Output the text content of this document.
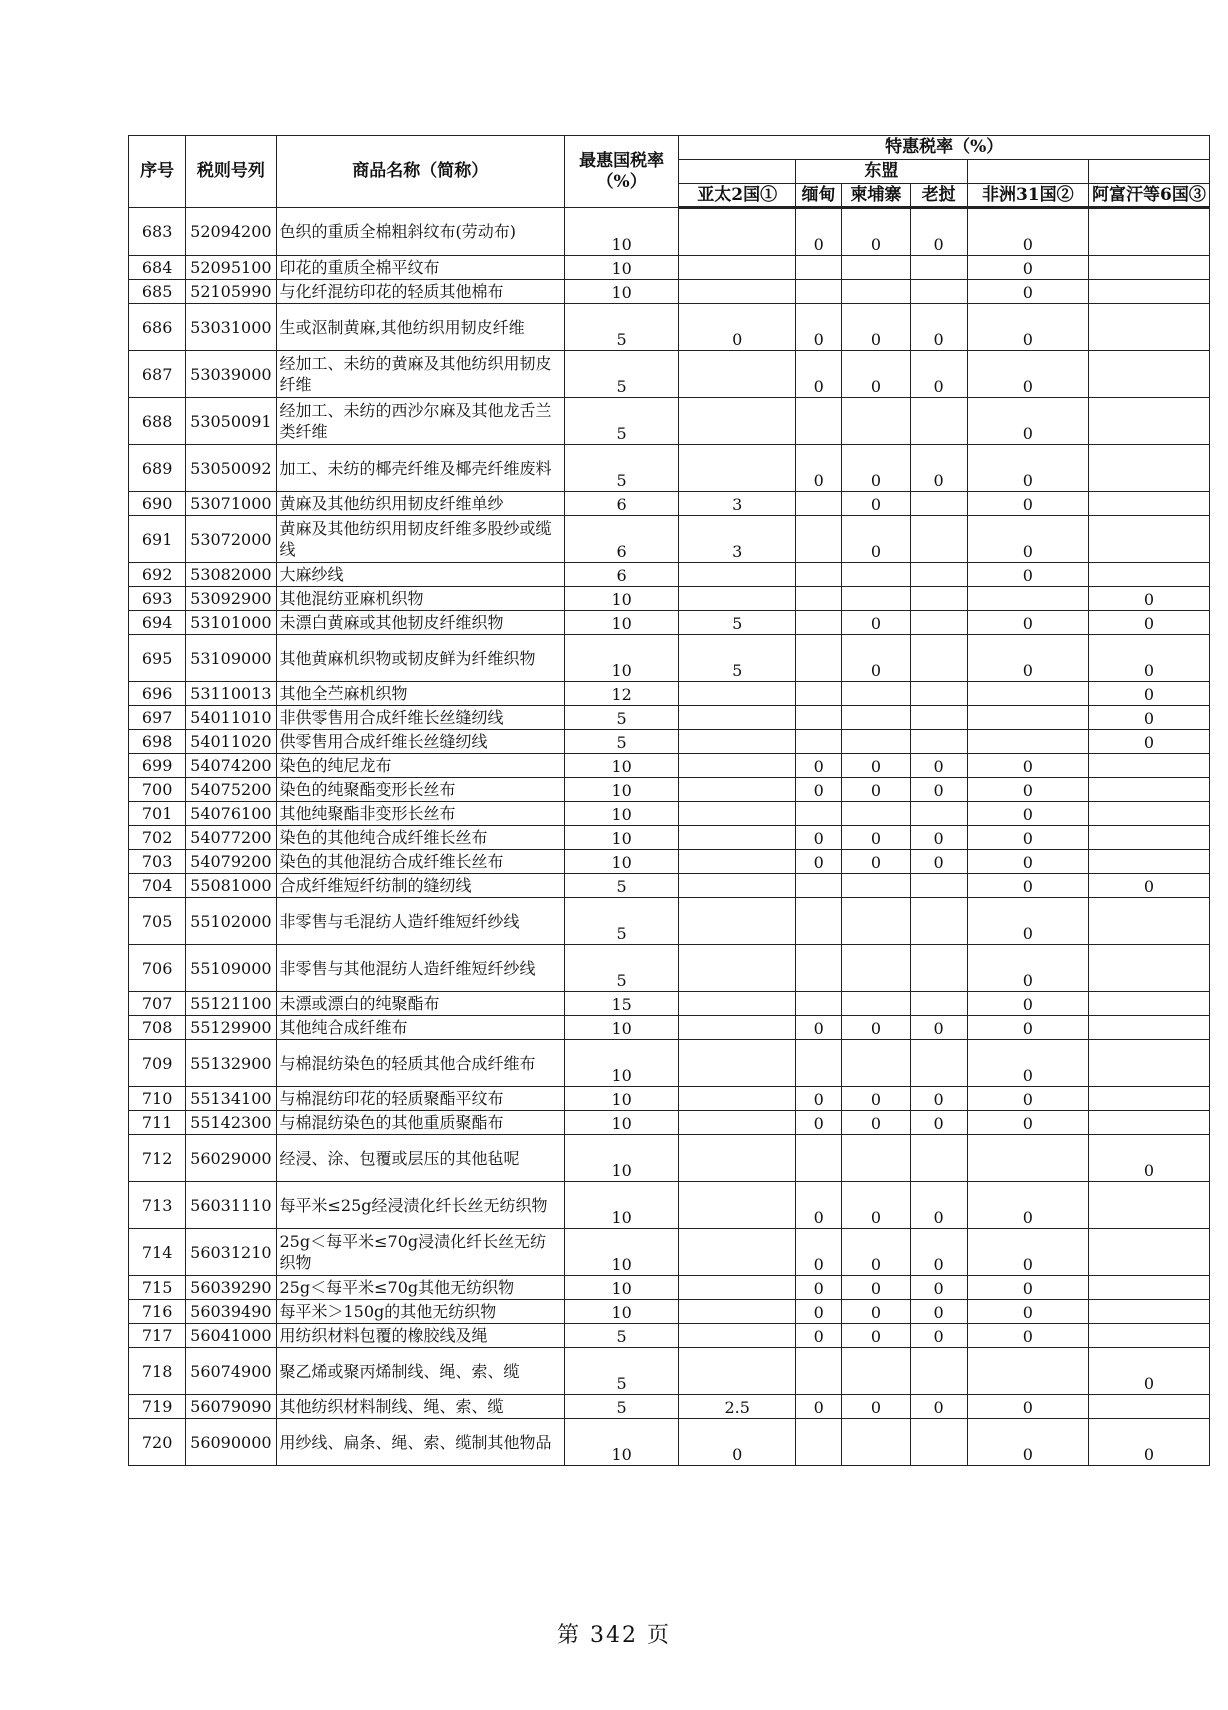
序号	税则号列	商品名称（简称）	最惠国税率
（%）	特惠税率（%）					
					东盟				
				亚太2国①	缅甸	柬埔寨	老挝	非洲31国②	阿富汗等6国③
683	52094200	色织的重质全棉粗斜纹布(劳动布)	10		0	0	0	0	
684	52095100	印花的重质全棉平纹布	10					0	
685	52105990	与化纤混纺印花的轻质其他棉布	10					0	
686	53031000	生或沤制黄麻,其他纺织用韧皮纤维	5	0	0	0	0	0	
687	53039000	经加工、未纺的黄麻及其他纺织用韧皮纤维	5		0	0	0	0	
688	53050091	经加工、未纺的西沙尔麻及其他龙舌兰类纤维	5					0	
689	53050092	加工、未纺的椰壳纤维及椰壳纤维废料	5		0	0	0	0	
690	53071000	黄麻及其他纺织用韧皮纤维单纱	6	3		0		0	
691	53072000	黄麻及其他纺织用韧皮纤维多股纱或缆线	6	3		0		0	
692	53082000	大麻纱线	6					0	
693	53092900	其他混纺亚麻机织物	10						0
694	53101000	未漂白黄麻或其他韧皮纤维织物	10	5		0		0	0
695	53109000	其他黄麻机织物或韧皮鲜为纤维织物	10	5		0		0	0
696	53110013	其他全苎麻机织物	12						0
697	54011010	非供零售用合成纤维长丝缝纫线	5						0
698	54011020	供零售用合成纤维长丝缝纫线	5						0
699	54074200	染色的纯尼龙布	10		0	0	0	0	
700	54075200	染色的纯聚酯变形长丝布	10		0	0	0	0	
701	54076100	其他纯聚酯非变形长丝布	10					0	
702	54077200	染色的其他纯合成纤维长丝布	10		0	0	0	0	
703	54079200	染色的其他混纺合成纤维长丝布	10		0	0	0	0	
704	55081000	合成纤维短纤纺制的缝纫线	5					0	0
705	55102000	非零售与毛混纺人造纤维短纤纱线	5					0	
706	55109000	非零售与其他混纺人造纤维短纤纱线	5					0	
707	55121100	未漂或漂白的纯聚酯布	15					0	
708	55129900	其他纯合成纤维布	10		0	0	0	0	
709	55132900	与棉混纺染色的轻质其他合成纤维布	10					0	
710	55134100	与棉混纺印花的轻质聚酯平纹布	10		0	0	0	0	
711	55142300	与棉混纺染色的其他重质聚酯布	10		0	0	0	0	
712	56029000	经浸、涂、包覆或层压的其他毡呢	10						0
713	56031110	每平米≤25g经浸渍化纤长丝无纺织物	10		0	0	0	0	
714	56031210	25g＜每平米≤70g浸渍化纤长丝无纺织物	10		0	0	0	0	
715	56039290	25g＜每平米≤70g其他无纺织物	10		0	0	0	0	
716	56039490	每平米＞150g的其他无纺织物	10		0	0	0	0	
717	56041000	用纺织材料包覆的橡胶线及绳	5		0	0	0	0	
718	56074900	聚乙烯或聚丙烯制线、绳、索、缆	5						0
719	56079090	其他纺织材料制线、绳、索、缆	5	2.5	0	0	0	0	
720	56090000	用纱线、扁条、绳、索、缆制其他物品	10	0				0	0
第 342 页
